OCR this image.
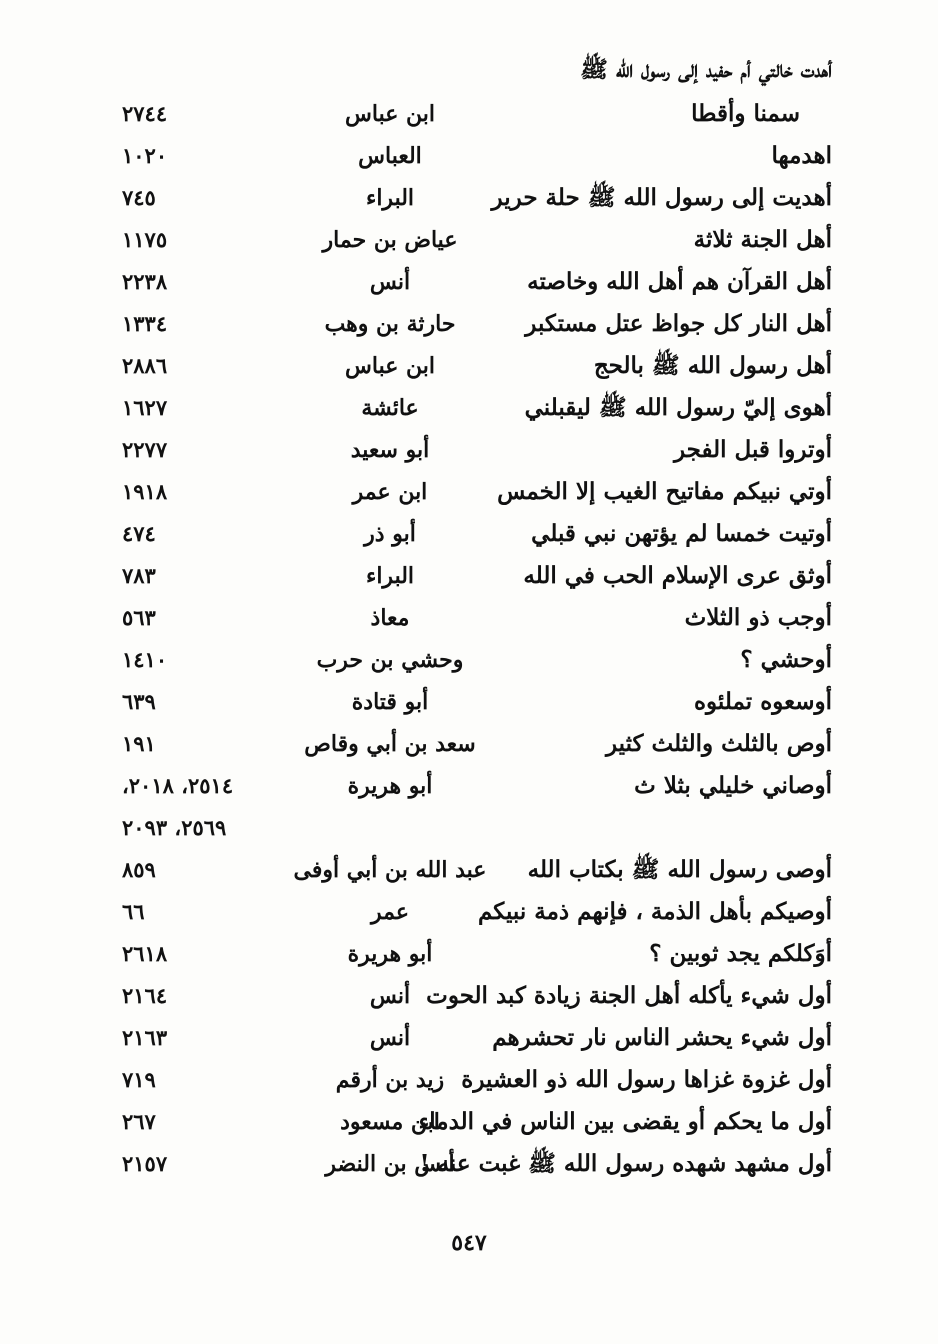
أهدت خالتي أم حفيد إلى رسول الله ﷺ
سمنا وأقطا
ابن عباس
٢٧٤٤
اهدمها
العباس
١٠٢٠
أهديت إلى رسول الله ﷺ حلة حرير
البراء
٧٤٥
أهل الجنة ثلاثة
عياض بن حمار
١١٧٥
أهل القرآن هم أهل الله وخاصته
أنس
٢٢٣٨
أهل النار كل جواظ عتل مستكبر
حارثة بن وهب
١٣٣٤
أهل رسول الله ﷺ بالحج
ابن عباس
٢٨٨٦
أهوى إليّ رسول الله ﷺ ليقبلني
عائشة
١٦٢٧
أوتروا قبل الفجر
أبو سعيد
٢٢٧٧
أوتي نبيكم مفاتيح الغيب إلا الخمس
ابن عمر
١٩١٨
أوتيت خمسا لم يؤتهن نبي قبلي
أبو ذر
٤٧٤
أوثق عرى الإسلام الحب في الله
البراء
٧٨٣
أوجب ذو الثلاث
معاذ
٥٦٣
أوحشي ؟
وحشي بن حرب
١٤١٠
أوسعوه تملئوه
أبو قتادة
٦٣٩
أوص بالثلث والثلث كثير
سعد بن أبي وقاص
١٩١
أوصاني خليلي بثلا ث
أبو هريرة
٢٥١٤، ٢٠١٨،
٢٥٦٩، ٢٠٩٣
أوصى رسول الله ﷺ بكتاب الله
عبد الله بن أبي أوفى
٨٥٩
أوصيكم بأهل الذمة ، فإنهم ذمة نبيكم
عمر
٦٦
أوَكلكم يجد ثوبين ؟
أبو هريرة
٢٦١٨
أول شيء يأكله أهل الجنة زيادة كبد الحوت
أنس
٢١٦٤
أول شيء يحشر الناس نار تحشرهم
أنس
٢١٦٣
أول غزوة غزاها رسول الله ذو العشيرة
زيد بن أرقم
٧١٩
أول ما يحكم أو يقضى بين الناس في الدماء
ابن مسعود
٢٦٧
أول مشهد شهده رسول الله ﷺ غبت عنه !
أنس بن النضر
٢١٥٧
٥٤٧
